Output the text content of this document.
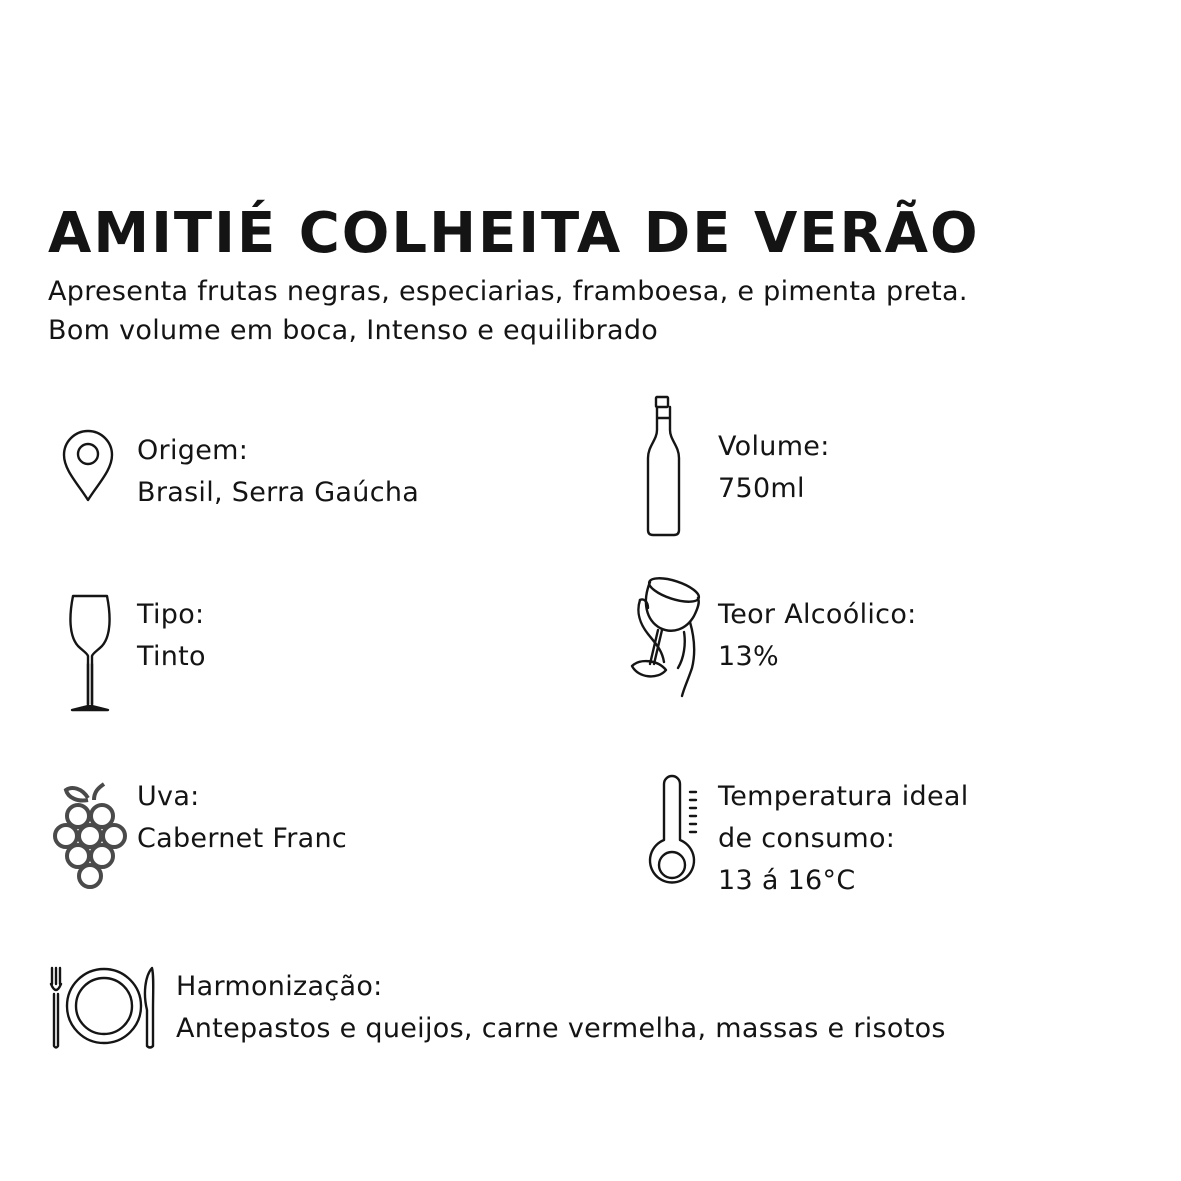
AMITIÉ COLHEITA DE VERÃO
Apresenta frutas negras, especiarias, framboesa, e pimenta preta.
Bom volume em boca, Intenso e equilibrado
Origem:
Brasil, Serra Gaúcha
Volume:
750ml
Tipo:
Tinto
Teor Alcoólico:
13%
Uva:
Cabernet Franc
Temperatura ideal
de consumo:
13 á 16°C
Harmonização:
Antepastos e queijos, carne vermelha, massas e risotos
